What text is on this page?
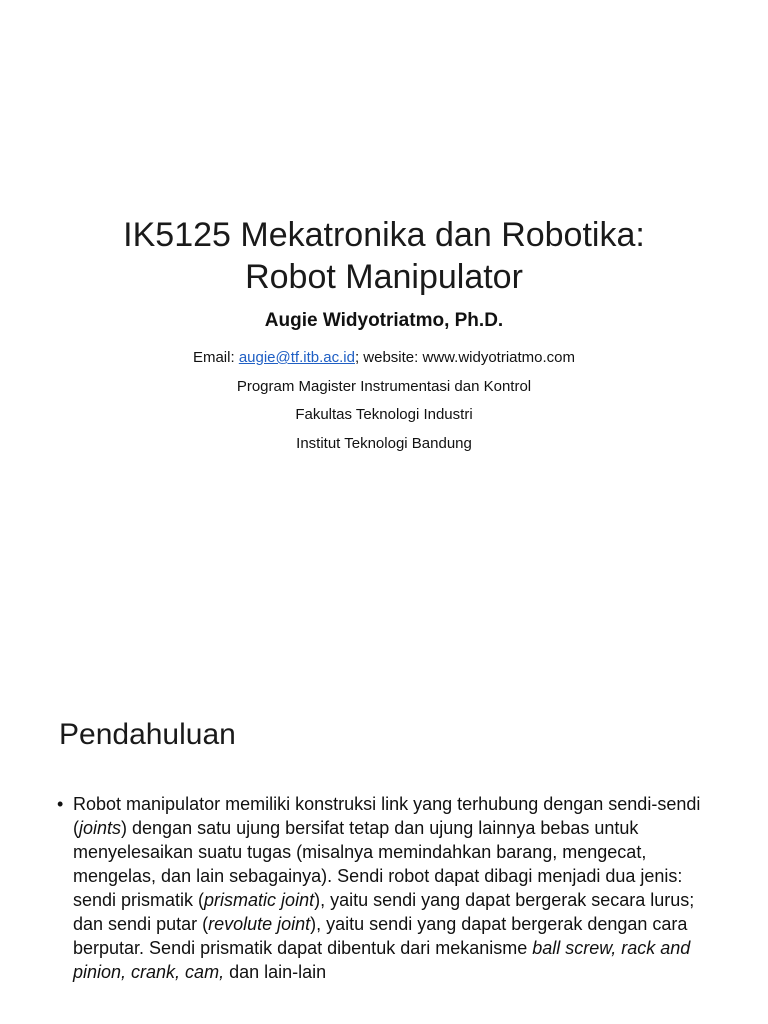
IK5125 Mekatronika dan Robotika:
Robot Manipulator
Augie Widyotriatmo, Ph.D.
Email: augie@tf.itb.ac.id; website: www.widyotriatmo.com
Program Magister Instrumentasi dan Kontrol
Fakultas Teknologi Industri
Institut Teknologi Bandung
Pendahuluan
• Robot manipulator memiliki konstruksi link yang terhubung dengan sendi-sendi (joints) dengan satu ujung bersifat tetap dan ujung lainnya bebas untuk menyelesaikan suatu tugas (misalnya memindahkan barang, mengecat, mengelas, dan lain sebagainya). Sendi robot dapat dibagi menjadi dua jenis: sendi prismatik (prismatic joint), yaitu sendi yang dapat bergerak secara lurus; dan sendi putar (revolute joint), yaitu sendi yang dapat bergerak dengan cara berputar. Sendi prismatik dapat dibentuk dari mekanisme ball screw, rack and pinion, crank, cam, dan lain-lain
